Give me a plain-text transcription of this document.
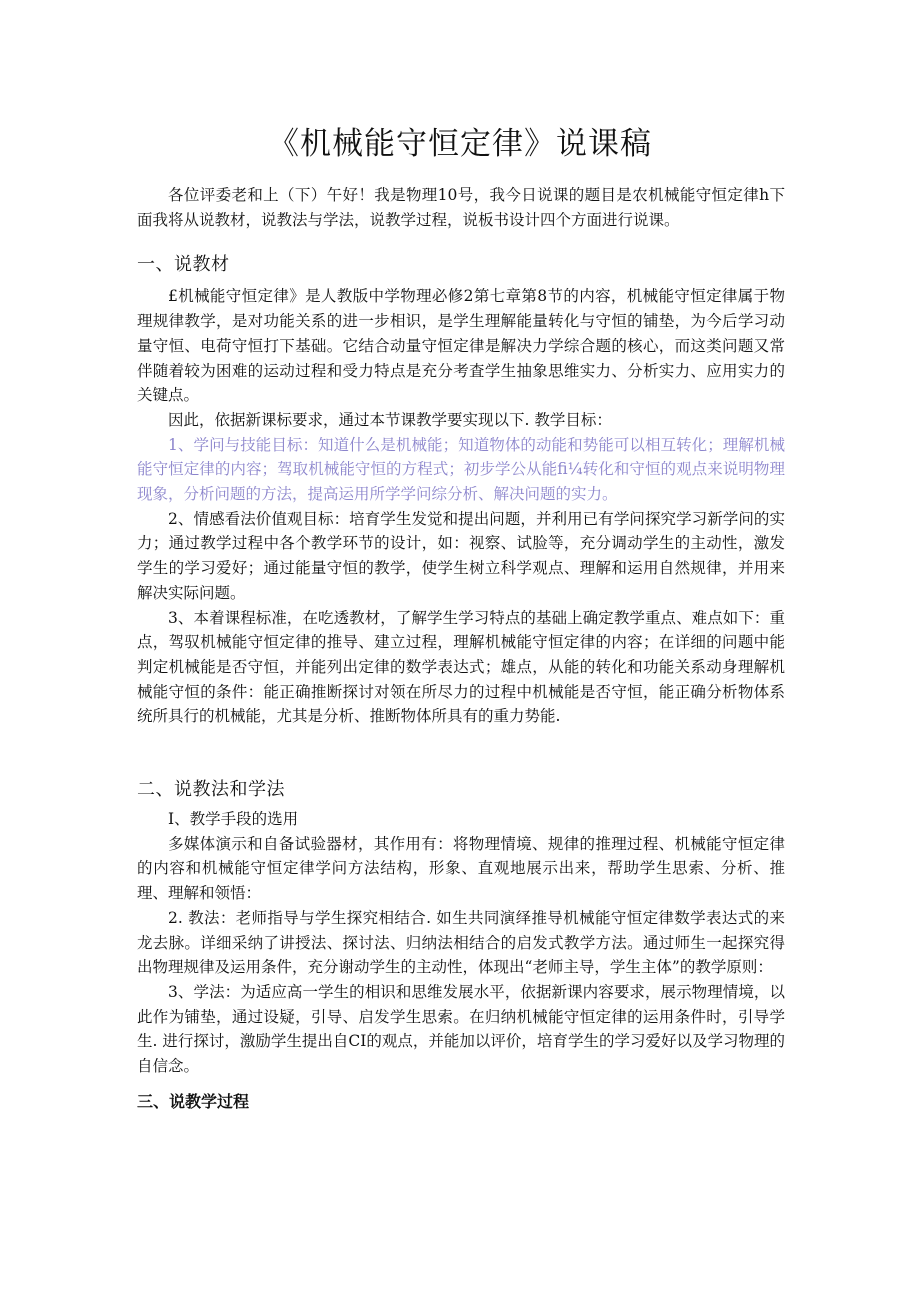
《机械能守恒定律》说课稿

各位评委老和上（下）午好！我是物理10号，我今日说课的题目是农机械能守恒定律h下面我将从说教材，说教法与学法，说教学过程，说板书设计四个方面进行说课。

一、说教材

£机械能守恒定律》是人教版中学物理必修2第七章第8节的内容，机械能守恒定律属于物理规律教学，是对功能关系的进一步相识，是学生理解能量转化与守恒的铺垫，为今后学习动量守恒、电荷守恒打下基础。它结合动量守恒定律是解决力学综合题的核心，而这类问题又常伴随着较为困难的运动过程和受力特点是充分考査学生抽象思维实力、分析实力、应用实力的关键点。

因此，依据新课标要求，通过本节课教学要实现以下. 教学目标：

1、学问与技能目标：知道什么是机械能；知道物体的动能和势能可以相互转化；理解机械能守恒定律的内容；驾取机械能守恒的方程式；初步学公从能fi¼转化和守恒的观点来说明物理现象，分析问题的方法，提高运用所学学问综分析、解决问题的实力。

2、情感看法价值观目标：培育学生发觉和提出问题，并利用已有学问探究学习新学问的实力；通过教学过程中各个教学环节的设计，如：视察、试脸等，充分调动学生的主动性，激发学生的学习爱好；通过能量守恒的教学，使学生树立科学观点、理解和运用自然规律，并用来解决实际问题。

3、本着课程标准，在吃透教材，了解学生学习特点的基础上确定教学重点、难点如下：重点，驾驭机械能守恒定律的推导、建立过程，理解机械能守恒定律的内容；在详细的问题中能判定机械能是否守恒，并能列出定律的数学表达式；雄点，从能的转化和功能关系动身理解机械能守恒的条件：能正确推断探讨对领在所尽力的过程中机械能是否守恒，能正确分析物体系统所具行的机械能，尤其是分析、推断物体所具有的重力势能.

二、说教法和学法

I、教学手段的选用

多媒体演示和自备试验器材，其作用有：将物理情境、规律的推理过程、机械能守恒定律的内容和机械能守恒定律学问方法结构，形象、直观地展示出来，帮助学生思索、分析、推理、理解和领悟：

2. 教法：老师指导与学生探究相结合. 如生共同演绎推导机械能守恒定律数学表达式的来龙去脉。详细采纳了讲授法、探讨法、归纳法相结合的启发式教学方法。通过师生一起探究得出物理规律及运用条件，充分谢动学生的主动性，体现出“老师主导，学生主体”的教学原则：

3、学法：为适应高一学生的相识和思维发展水平，依据新课内容要求，展示物理情境，以此作为铺垫，通过设疑，引导、启发学生思索。在归纳机械能守恒定律的运用条件时，引导学生. 进行探讨，激励学生提出自CI的观点，并能加以评价，培育学生的学习爱好以及学习物理的自信念。

三、说教学过程
